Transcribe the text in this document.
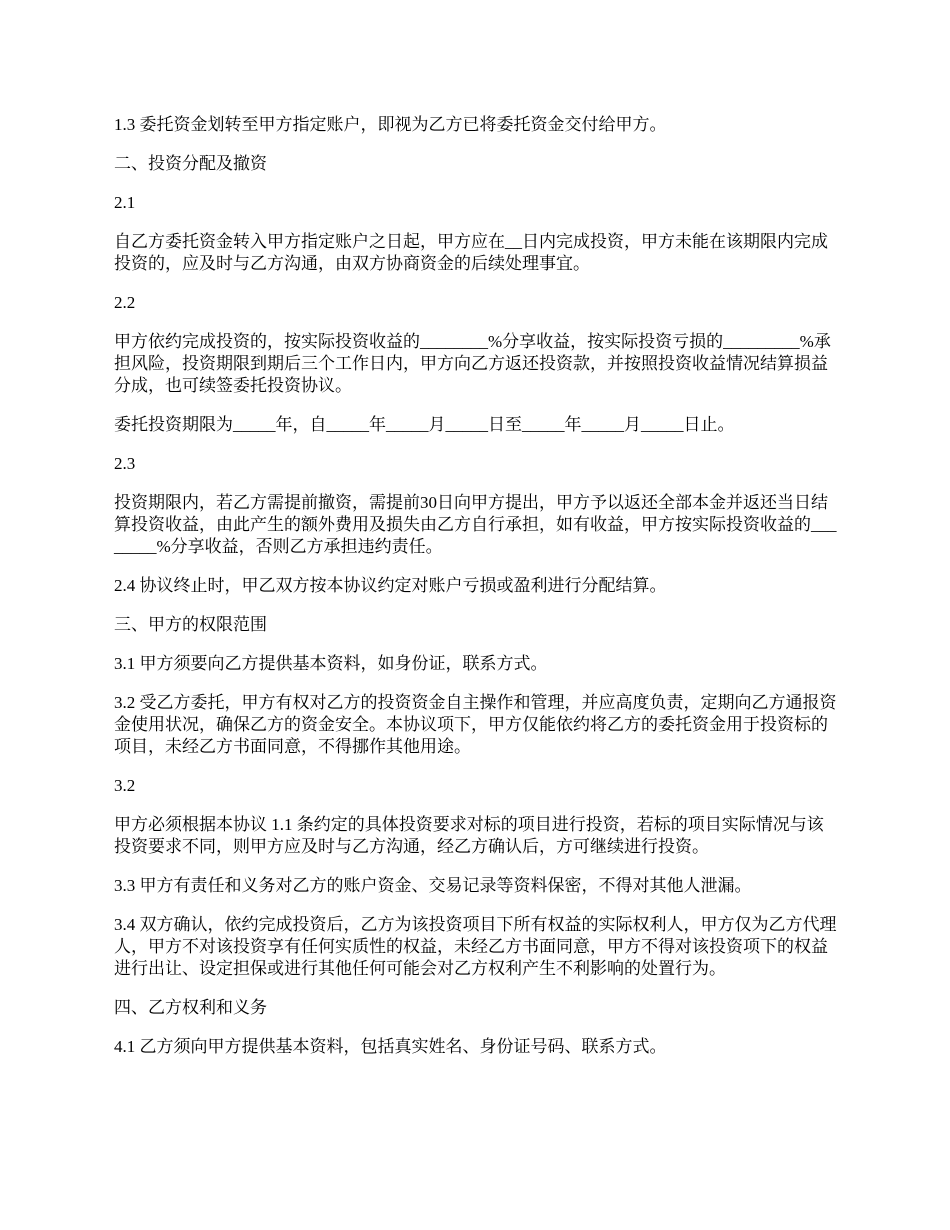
1.3 委托资金划转至甲方指定账户，即视为乙方已将委托资金交付给甲方。

二、投资分配及撤资

2.1

自乙方委托资金转入甲方指定账户之日起，甲方应在__日内完成投资，甲方未能在该期限内完成投资的，应及时与乙方沟通，由双方协商资金的后续处理事宜。

2.2

甲方依约完成投资的，按实际投资收益的________%分享收益，按实际投资亏损的_________%承担风险，投资期限到期后三个工作日内，甲方向乙方返还投资款，并按照投资收益情况结算损益分成，也可续签委托投资协议。

委托投资期限为_____年，自_____年_____月_____日至_____年_____月_____日止。

2.3

投资期限内，若乙方需提前撤资，需提前30日向甲方提出，甲方予以返还全部本金并返还当日结算投资收益，由此产生的额外费用及损失由乙方自行承担，如有收益，甲方按实际投资收益的________%分享收益，否则乙方承担违约责任。

2.4 协议终止时，甲乙双方按本协议约定对账户亏损或盈利进行分配结算。

三、甲方的权限范围

3.1 甲方须要向乙方提供基本资料，如身份证，联系方式。

3.2 受乙方委托，甲方有权对乙方的投资资金自主操作和管理，并应高度负责，定期向乙方通报资金使用状况，确保乙方的资金安全。本协议项下，甲方仅能依约将乙方的委托资金用于投资标的项目，未经乙方书面同意，不得挪作其他用途。

3.2

甲方必须根据本协议 1.1 条约定的具体投资要求对标的项目进行投资，若标的项目实际情况与该投资要求不同，则甲方应及时与乙方沟通，经乙方确认后，方可继续进行投资。

3.3 甲方有责任和义务对乙方的账户资金、交易记录等资料保密，不得对其他人泄漏。

3.4 双方确认，依约完成投资后，乙方为该投资项目下所有权益的实际权利人，甲方仅为乙方代理人，甲方不对该投资享有任何实质性的权益，未经乙方书面同意，甲方不得对该投资项下的权益进行出让、设定担保或进行其他任何可能会对乙方权利产生不利影响的处置行为。

四、乙方权利和义务

4.1 乙方须向甲方提供基本资料，包括真实姓名、身份证号码、联系方式。
